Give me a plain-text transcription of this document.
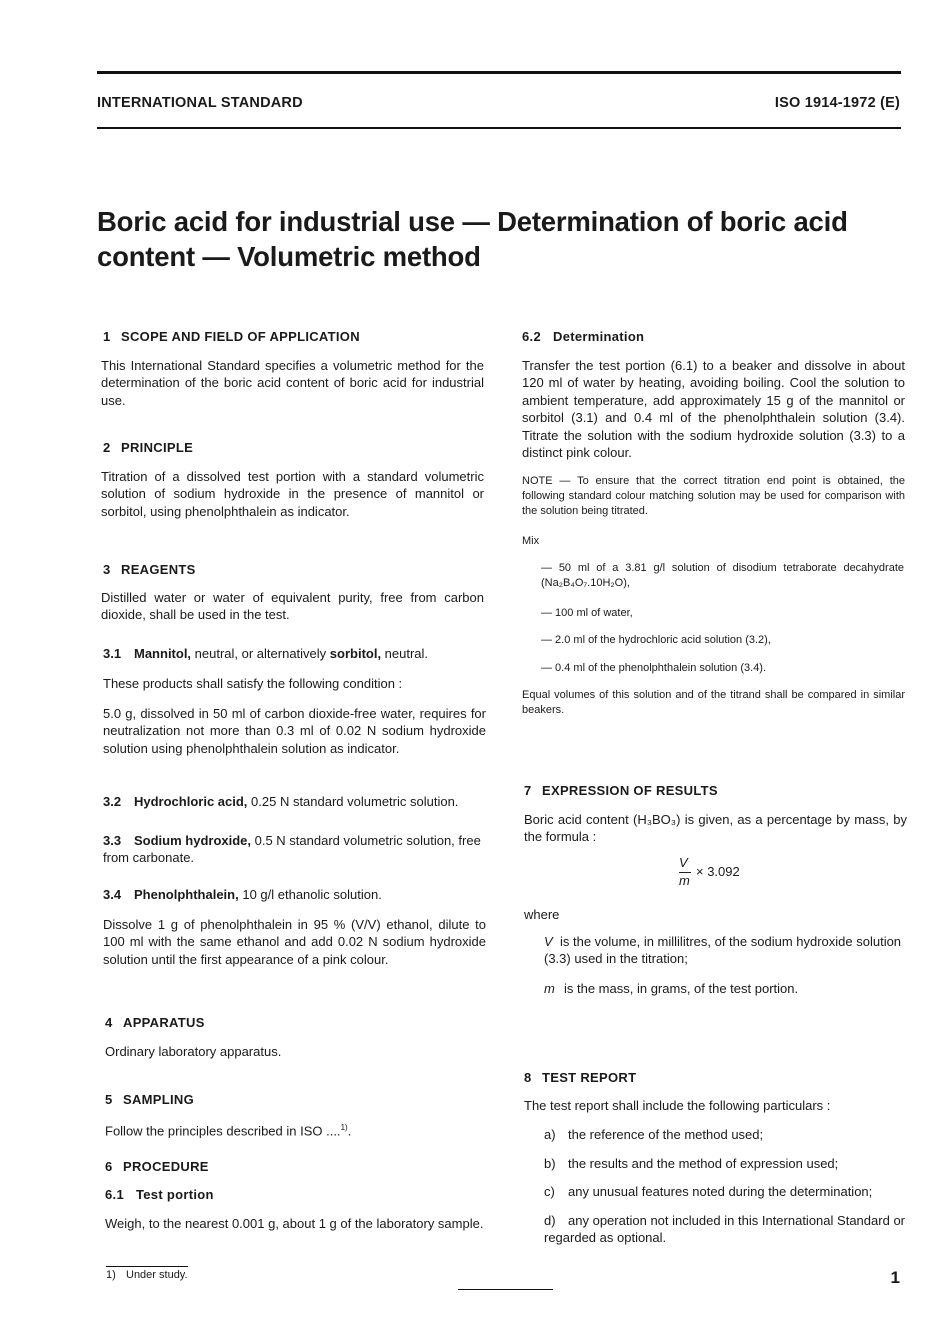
INTERNATIONAL STANDARD	ISO 1914-1972 (E)
Boric acid for industrial use — Determination of boric acid
content — Volumetric method
1 SCOPE AND FIELD OF APPLICATION
This International Standard specifies a volumetric method for the determination of the boric acid content of boric acid for industrial use.
2 PRINCIPLE
Titration of a dissolved test portion with a standard volumetric solution of sodium hydroxide in the presence of mannitol or sorbitol, using phenolphthalein as indicator.
3 REAGENTS
Distilled water or water of equivalent purity, free from carbon dioxide, shall be used in the test.
3.1 Mannitol, neutral, or alternatively sorbitol, neutral.
These products shall satisfy the following condition :
5.0 g, dissolved in 50 ml of carbon dioxide-free water, requires for neutralization not more than 0.3 ml of 0.02 N sodium hydroxide solution using phenolphthalein solution as indicator.
3.2 Hydrochloric acid, 0.25 N standard volumetric solution.
3.3 Sodium hydroxide, 0.5 N standard volumetric solution, free from carbonate.
3.4 Phenolphthalein, 10 g/l ethanolic solution.
Dissolve 1 g of phenolphthalein in 95 % (V/V) ethanol, dilute to 100 ml with the same ethanol and add 0.02 N sodium hydroxide solution until the first appearance of a pink colour.
4 APPARATUS
Ordinary laboratory apparatus.
5 SAMPLING
Follow the principles described in ISO ....$^{1)}$.
6 PROCEDURE
6.1 Test portion
Weigh, to the nearest 0.001 g, about 1 g of the laboratory sample.
1) Under study.
6.2 Determination
Transfer the test portion (6.1) to a beaker and dissolve in about 120 ml of water by heating, avoiding boiling. Cool the solution to ambient temperature, add approximately 15 g of the mannitol or sorbitol (3.1) and 0.4 ml of the phenolphthalein solution (3.4). Titrate the solution with the sodium hydroxide solution (3.3) to a distinct pink colour.
NOTE — To ensure that the correct titration end point is obtained, the following standard colour matching solution may be used for comparison with the solution being titrated.
Mix
— 50 ml of a 3.81 g/l solution of disodium tetraborate decahydrate (Na₂B₄O₇.10H₂O),
— 100 ml of water,
— 2.0 ml of the hydrochloric acid solution (3.2),
— 0.4 ml of the phenolphthalein solution (3.4).
Equal volumes of this solution and of the titrand shall be compared in similar beakers.
7 EXPRESSION OF RESULTS
Boric acid content (H₃BO₃) is given, as a percentage by mass, by the formula :
V
m
× 3.092
where
V is the volume, in millilitres, of the sodium hydroxide solution (3.3) used in the titration;
m is the mass, in grams, of the test portion.
8 TEST REPORT
The test report shall include the following particulars :
a) the reference of the method used;
b) the results and the method of expression used;
c) any unusual features noted during the determination;
d) any operation not included in this International Standard or regarded as optional.
1
